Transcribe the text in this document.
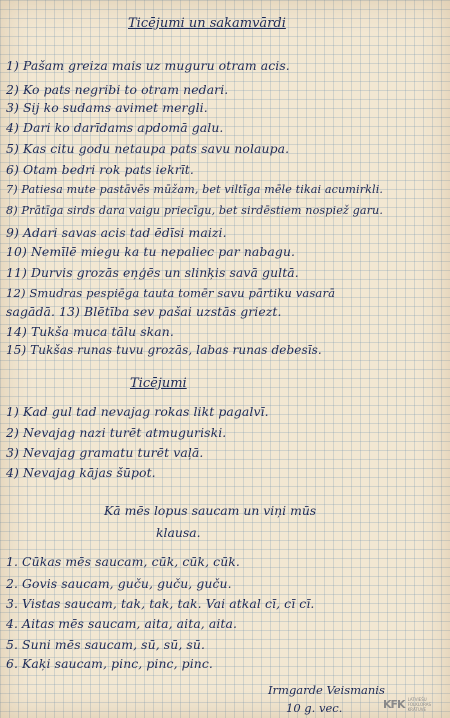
Ticējumi un sakamvārdi
1) Pašam greiza mais uz muguru otram acis.
2) Ko pats negribi to otram nedari.
3) Sij ko sudams avimet mergli.
4) Dari ko darīdams apdomā galu.
5) Kas citu godu netaupa pats savu nolaupa.
6) Otam bedri rok pats iekrīt.
7) Patiesa mute pastāvēs mūžam, bet viltīga mēle tikai acumirkli.
8) Prātīga sirds dara vaigu priecīgu, bet sirdēstiem nospiež garu.
9) Adari savas acis tad ēdīsi maizi.
10) Nemīlē miegu ka tu nepaliec par nabagu.
11) Durvis grozās eņģēs un slinķis savā gultā.
12) Smudras pespiēga tauta tomēr savu pārtiku vasarā
sagādā. 13) Blētība sev pašai uzstās griezt.
14) Tukša muca tālu skan.
15) Tukšas runas tuvu grozās, labas runas debesīs.
Ticējumi
1) Kad gul tad nevajag rokas likt pagalvī.
2) Nevajag nazi turēt atmuguriski.
3) Nevajag gramatu turēt vaļā.
4) Nevajag kājas šūpot.
Kā mēs lopus saucam un viņi mūs
klausa.
1. Cūkas mēs saucam, cūk, cūk, cūk.
2. Govis saucam, guču, guču, guču.
3. Vistas saucam, tak, tak, tak. Vai atkal cī, cī cī.
4. Aitas mēs saucam, aita, aita, aita.
5. Suni mēs saucam, sū, sū, sū.
6. Kaķi saucam, pinc, pinc, pinc.
Irmgarde Veismanis
10 g. vec.	KFK LATVIEŠU
FOLKLORAS
KRĀTUVE
